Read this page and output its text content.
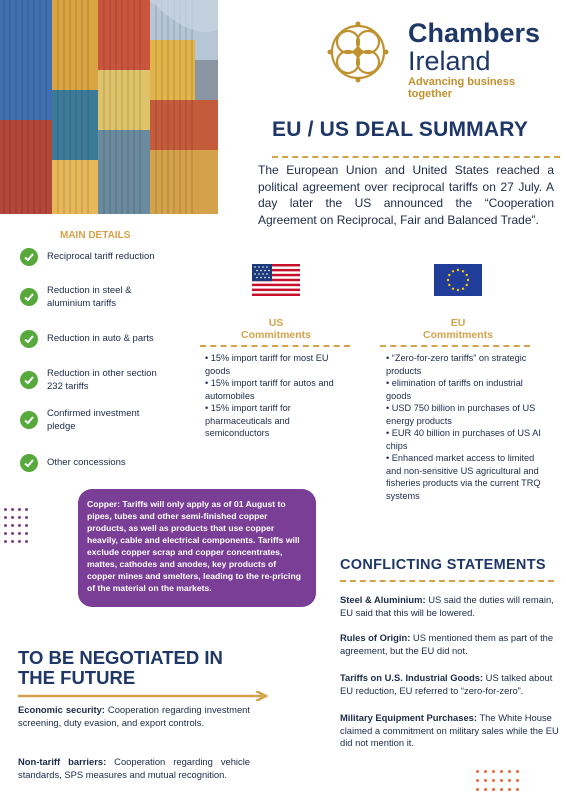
Chambers
Ireland
Advancing business together
EU / US DEAL SUMMARY
The European Union and United States reached a political agreement over reciprocal tariffs on 27 July. A day later the US announced the “Cooperation Agreement on Reciprocal, Fair and Balanced Trade”.
MAIN DETAILS
Reciprocal tariff reduction
Reduction in steel & aluminium tariffs
Reduction in auto & parts
Reduction in other section 232 tariffs
Confirmed investment pledge
Other concessions
US
Commitments
• 15% import tariff for most EU goods
• 15% import tariff for autos and automobiles
• 15% import tariff for pharmaceuticals and semiconductors
EU
Commitments
• “Zero-for-zero tariffs” on strategic products
• elimination of tariffs on industrial goods
• USD 750 billion in purchases of US energy products
• EUR 40 billion in purchases of US AI chips
• Enhanced market access to limited and non-sensitive US agricultural and fisheries products via the current TRQ systems
Copper: Tariffs will only apply as of 01 August to pipes, tubes and other semi-finished copper products, as well as products that use copper heavily, cable and electrical components. Tariffs will exclude copper scrap and copper concentrates, mattes, cathodes and anodes, key products of copper mines and smelters, leading to the re-pricing of the material on the markets.
CONFLICTING STATEMENTS
Steel & Aluminium: US said the duties will remain, EU said that this will be lowered.
Rules of Origin: US mentioned them as part of the agreement, but the EU did not.
Tariffs on U.S. Industrial Goods: US talked about EU reduction, EU referred to “zero-for-zero”.
Military Equipment Purchases: The White House claimed a commitment on military sales while the EU did not mention it.
TO BE NEGOTIATED IN THE FUTURE
Economic security: Cooperation regarding investment screening, duty evasion, and export controls.
Non-tariff barriers: Cooperation regarding vehicle standards, SPS measures and mutual recognition.
